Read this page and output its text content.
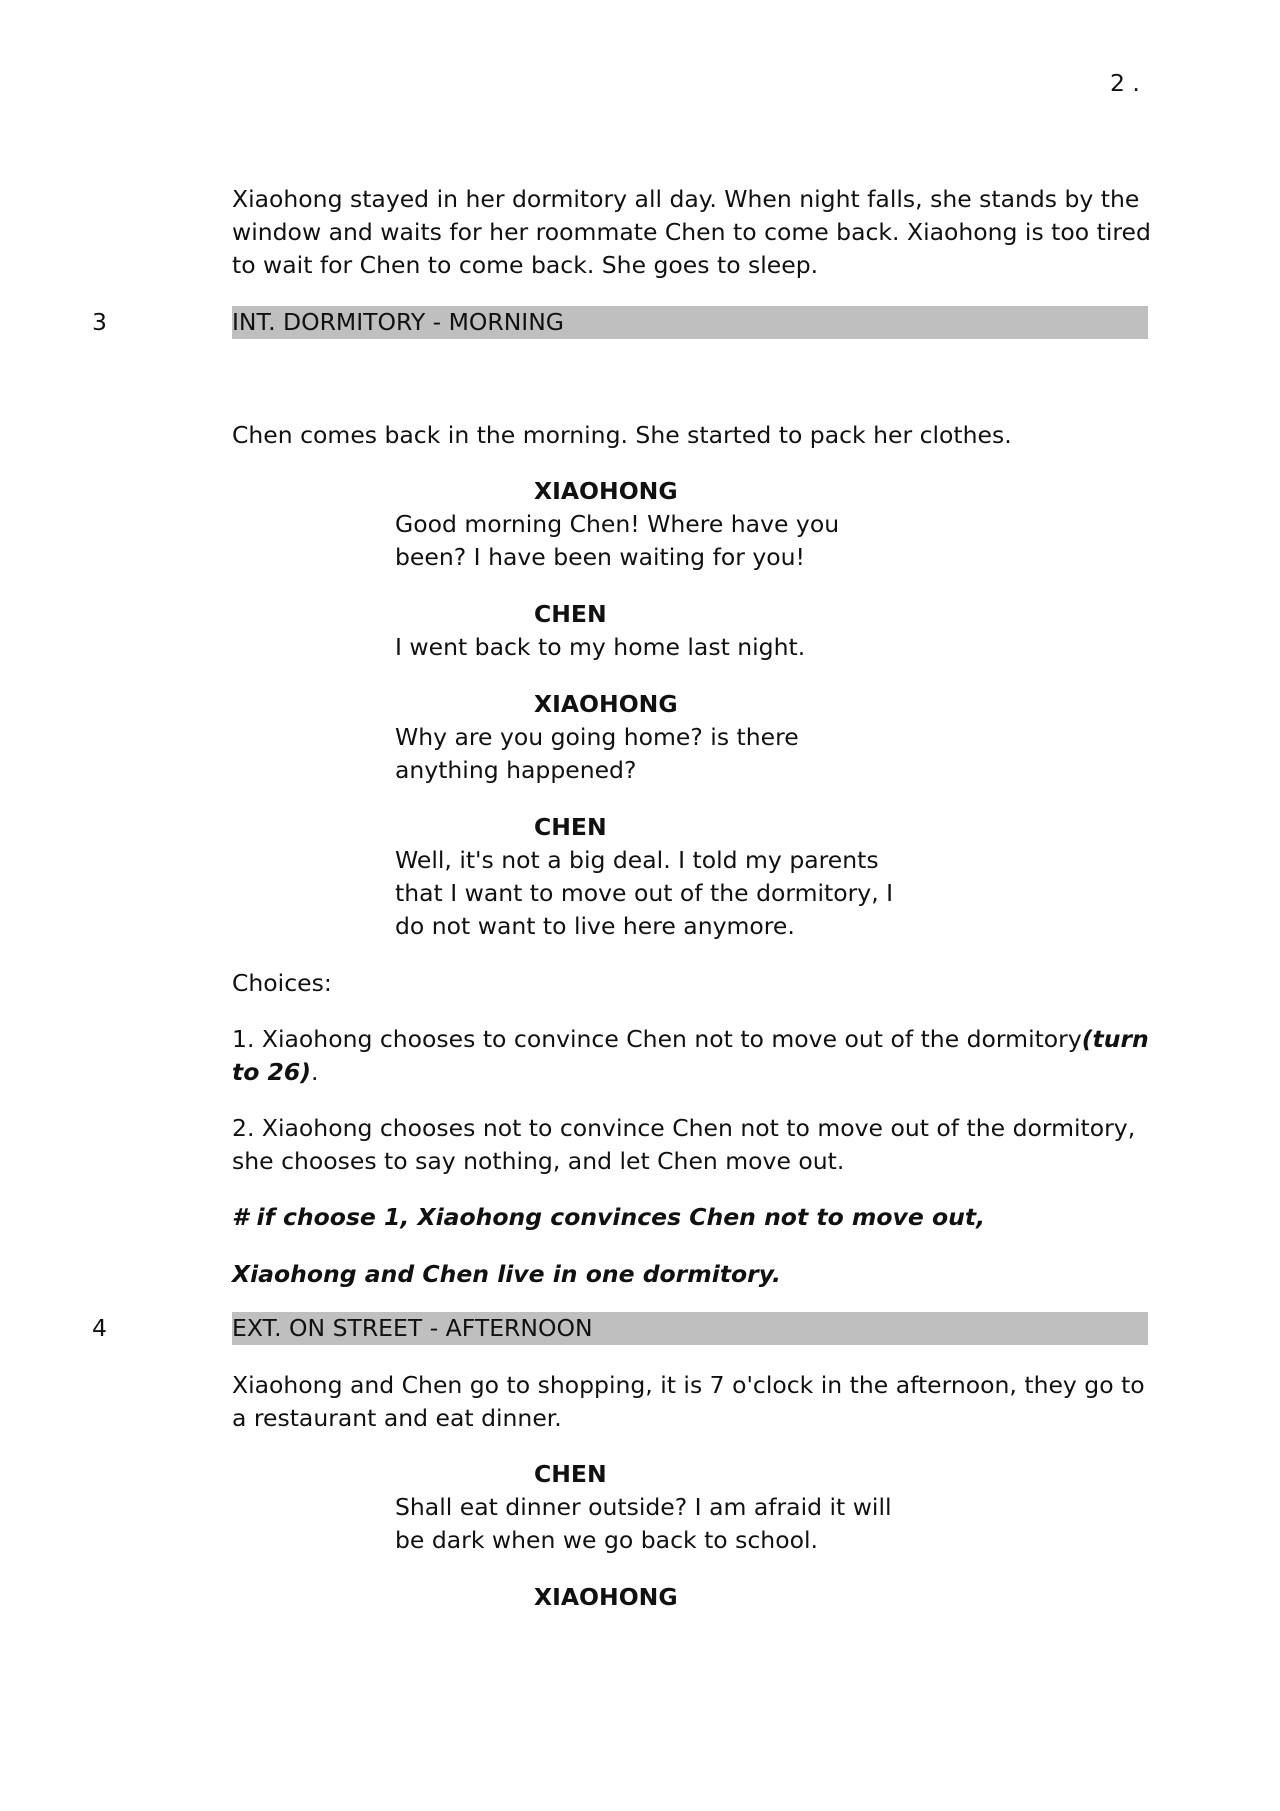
2 .

Xiaohong stayed in her dormitory all day. When night falls, she stands by the window and waits for her roommate Chen to come back. Xiaohong is too tired to wait for Chen to come back. She goes to sleep.

3	INT. DORMITORY - MORNING

Chen comes back in the morning. She started to pack her clothes.

XIAOHONG

Good morning Chen! Where have you

been? I have been waiting for you!

CHEN

I went back to my home last night.

XIAOHONG

Why are you going home? is there

anything happened?

CHEN

Well, it's not a big deal. I told my parents

that I want to move out of the dormitory, I

do not want to live here anymore.

Choices:

1. Xiaohong chooses to convince Chen not to move out of the dormitory(turn to 26).

2. Xiaohong chooses not to convince Chen not to move out of the dormitory, she chooses to say nothing, and let Chen move out.

# if choose 1, Xiaohong convinces Chen not to move out,

Xiaohong and Chen live in one dormitory.

4	EXT. ON STREET - AFTERNOON

Xiaohong and Chen go to shopping, it is 7 o'clock in the afternoon, they go to a restaurant and eat dinner.

CHEN

Shall eat dinner outside? I am afraid it will

be dark when we go back to school.

XIAOHONG
